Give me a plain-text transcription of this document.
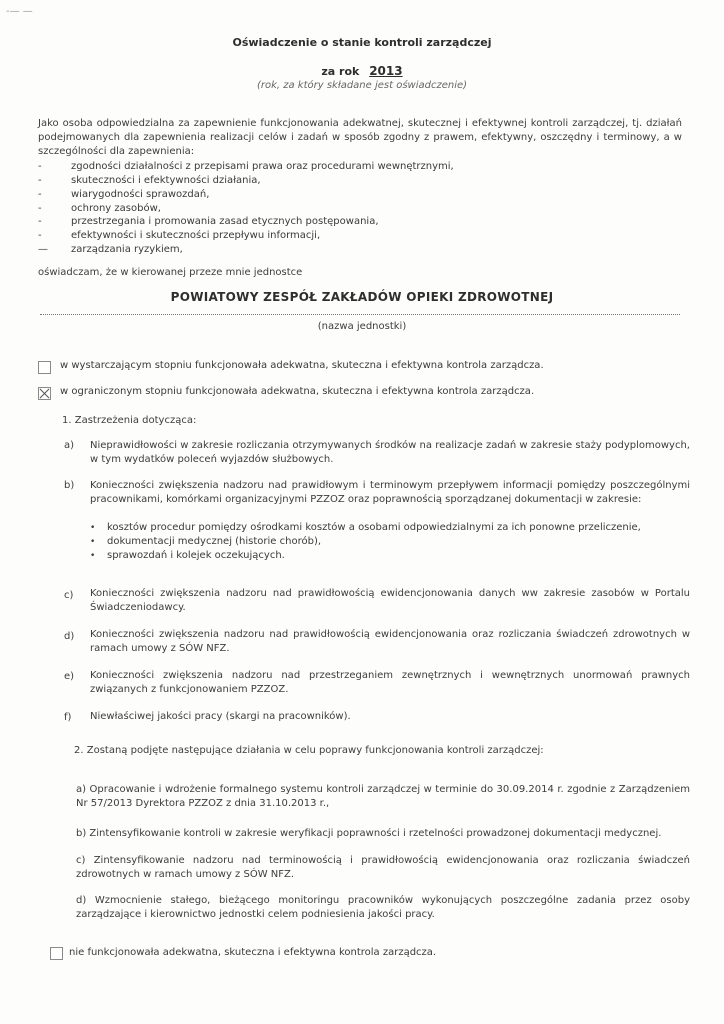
-— —
Oświadczenie o stanie kontroli zarządczej
za rok 2013
(rok, za który składane jest oświadczenie)
Jako osoba odpowiedzialna za zapewnienie funkcjonowania adekwatnej, skutecznej i efektywnej kontroli zarządczej, tj. działań podejmowanych dla zapewnienia realizacji celów i zadań w sposób zgodny z prawem, efektywny, oszczędny i terminowy, a w szczególności dla zapewnienia:
-	zgodności działalności z przepisami prawa oraz procedurami wewnętrznymi,
-	skuteczności i efektywności działania,
-	wiarygodności sprawozdań,
-	ochrony zasobów,
-	przestrzegania i promowania zasad etycznych postępowania,
-	efektywności i skuteczności przepływu informacji,
— zarządzania ryzykiem,
oświadczam, że w kierowanej przeze mnie jednostce
POWIATOWY ZESPÓŁ ZAKŁADÓW OPIEKI ZDROWOTNEJ
(nazwa jednostki)
w wystarczającym stopniu funkcjonowała adekwatna, skuteczna i efektywna kontrola zarządcza.
w ograniczonym stopniu funkcjonowała adekwatna, skuteczna i efektywna kontrola zarządcza.
1. Zastrzeżenia dotycząca:
a) Nieprawidłowości w zakresie rozliczania otrzymywanych środków na realizacje zadań w zakresie staży podyplomowych, w tym wydatków poleceń wyjazdów służbowych.
b) Konieczności zwiększenia nadzoru nad prawidłowym i terminowym przepływem informacji pomiędzy poszczególnymi pracownikami, komórkami organizacyjnymi PZZOZ oraz poprawnością sporządzanej dokumentacji w zakresie:
• kosztów procedur pomiędzy ośrodkami kosztów a osobami odpowiedzialnymi za ich ponowne przeliczenie,
• dokumentacji medycznej (historie chorób),
• sprawozdań i kolejek oczekujących.
c) Konieczności zwiększenia nadzoru nad prawidłowością ewidencjonowania danych ww zakresie zasobów w Portalu Świadczeniodawcy.
d) Konieczności zwiększenia nadzoru nad prawidłowością ewidencjonowania oraz rozliczania świadczeń zdrowotnych w ramach umowy z SÓW NFZ.
e) Konieczności zwiększenia nadzoru nad przestrzeganiem zewnętrznych i wewnętrznych unormowań prawnych związanych z funkcjonowaniem PZZOZ.
f) Niewłaściwej jakości pracy (skargi na pracowników).
2. Zostaną podjęte następujące działania w celu poprawy funkcjonowania kontroli zarządczej:
a) Opracowanie i wdrożenie formalnego systemu kontroli zarządczej w terminie do 30.09.2014 r. zgodnie z Zarządzeniem Nr 57/2013 Dyrektora PZZOZ z dnia 31.10.2013 r.,
b) Zintensyfikowanie kontroli w zakresie weryfikacji poprawności i rzetelności prowadzonej dokumentacji medycznej.
c) Zintensyfikowanie nadzoru nad terminowością i prawidłowością ewidencjonowania oraz rozliczania świadczeń zdrowotnych w ramach umowy z SÓW NFZ.
d) Wzmocnienie stałego, bieżącego monitoringu pracowników wykonujących poszczególne zadania przez osoby zarządzające i kierownictwo jednostki celem podniesienia jakości pracy.
nie funkcjonowała adekwatna, skuteczna i efektywna kontrola zarządcza.
